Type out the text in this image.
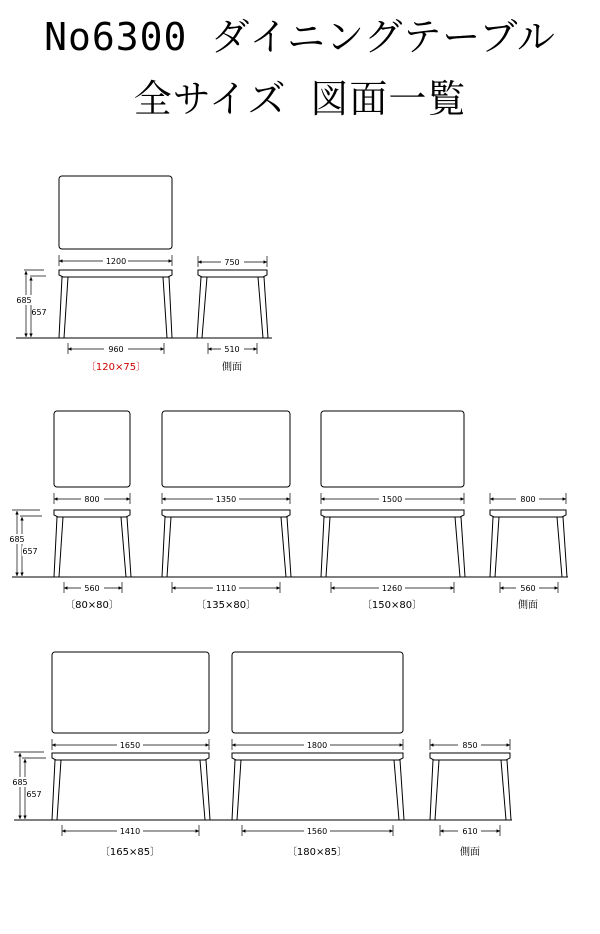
No6300 ダイニングテーブル
全サイズ 図面一覧
685
657
1200
960
〔120×75〕
750
510
側面
685
657
800
560
〔80×80〕
1350
1110
〔135×80〕
1500
1260
〔150×80〕
800
560
側面
685
657
1650
1410
〔165×85〕
1800
1560
〔180×85〕
850
610
側面
